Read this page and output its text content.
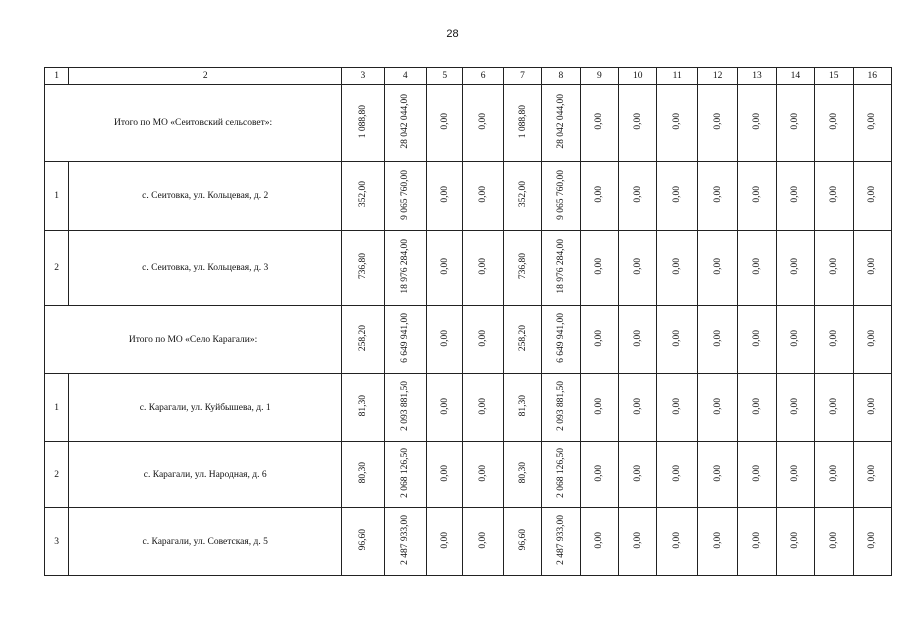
28
1	2	3	4	5	6	7	8	9	10	11	12	13	14	15	16
Итого по МО «Сеитовский сельсовет»:		1 088,80	28 042 044,00	0,00	0,00	1 088,80	28 042 044,00	0,00	0,00	0,00	0,00	0,00	0,00	0,00	0,00
1	с. Сеитовка, ул. Кольцевая, д. 2	352,00	9 065 760,00	0,00	0,00	352,00	9 065 760,00	0,00	0,00	0,00	0,00	0,00	0,00	0,00	0,00
2	с. Сеитовка, ул. Кольцевая, д. 3	736,80	18 976 284,00	0,00	0,00	736,80	18 976 284,00	0,00	0,00	0,00	0,00	0,00	0,00	0,00	0,00
Итого по МО «Село Карагали»:		258,20	6 649 941,00	0,00	0,00	258,20	6 649 941,00	0,00	0,00	0,00	0,00	0,00	0,00	0,00	0,00
1	с. Карагали, ул. Куйбышева, д. 1	81,30	2 093 881,50	0,00	0,00	81,30	2 093 881,50	0,00	0,00	0,00	0,00	0,00	0,00	0,00	0,00
2	с. Карагали, ул. Народная, д. 6	80,30	2 068 126,50	0,00	0,00	80,30	2 068 126,50	0,00	0,00	0,00	0,00	0,00	0,00	0,00	0,00
3	с. Карагали, ул. Советская, д. 5	96,60	2 487 933,00	0,00	0,00	96,60	2 487 933,00	0,00	0,00	0,00	0,00	0,00	0,00	0,00	0,00
